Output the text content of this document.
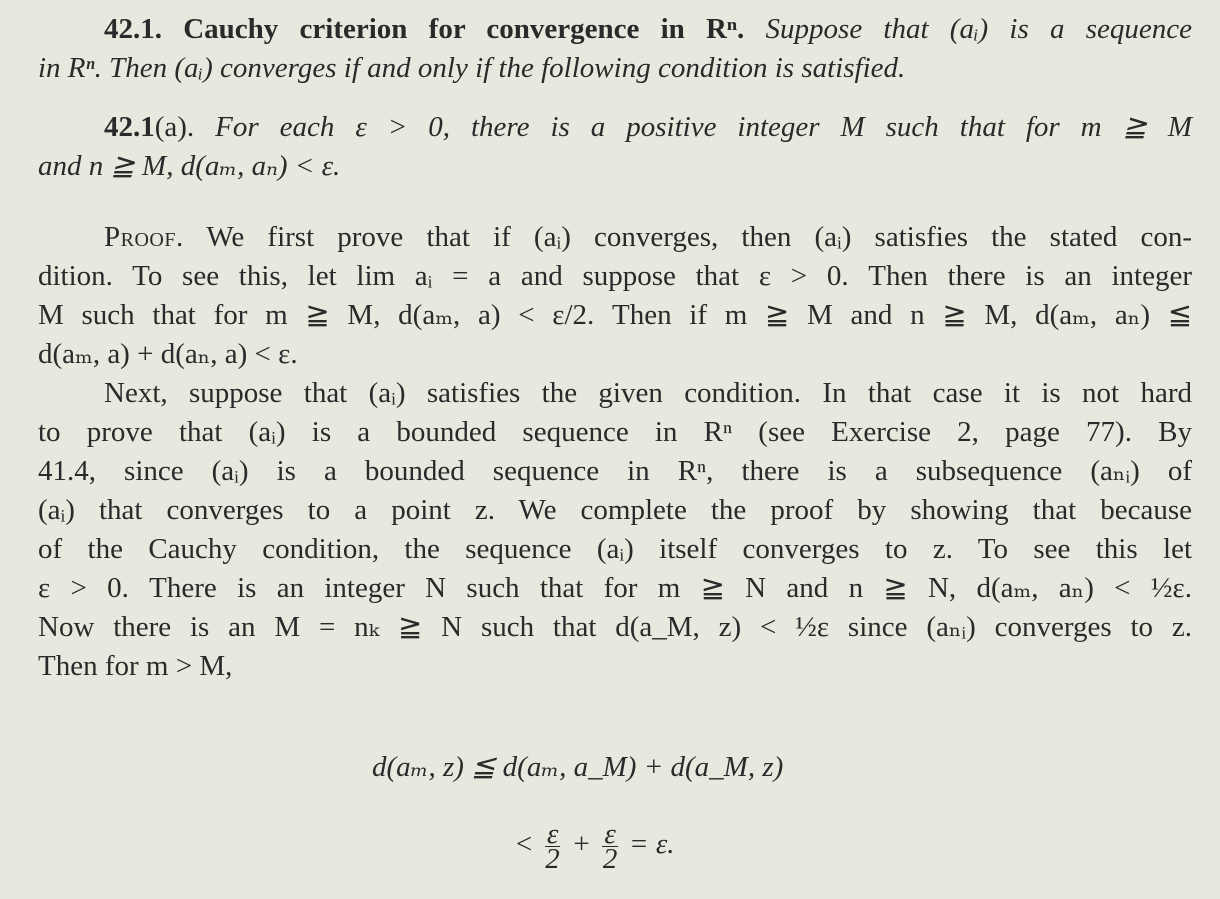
42.1. Cauchy criterion for convergence in Rⁿ. Suppose that (aᵢ) is a sequence
in Rⁿ. Then (aᵢ) converges if and only if the following condition is satisfied.
42.1(a). For each ε > 0, there is a positive integer M such that for m ≧ M
and n ≧ M, d(aₘ, aₙ) < ε.
Proof. We first prove that if (aᵢ) converges, then (aᵢ) satisfies the stated con-
dition. To see this, let lim aᵢ = a and suppose that ε > 0. Then there is an integer
M such that for m ≧ M, d(aₘ, a) < ε/2. Then if m ≧ M and n ≧ M, d(aₘ, aₙ) ≦
d(aₘ, a) + d(aₙ, a) < ε.
Next, suppose that (aᵢ) satisfies the given condition. In that case it is not hard
to prove that (aᵢ) is a bounded sequence in Rⁿ (see Exercise 2, page 77). By
41.4, since (aᵢ) is a bounded sequence in Rⁿ, there is a subsequence (aₙᵢ) of
(aᵢ) that converges to a point z. We complete the proof by showing that because
of the Cauchy condition, the sequence (aᵢ) itself converges to z. To see this let
ε > 0. There is an integer N such that for m ≧ N and n ≧ N, d(aₘ, aₙ) < ½ε.
Now there is an M = nₖ ≧ N such that d(a_M, z) < ½ε since (aₙᵢ) converges to z.
Then for m > M,
d(aₘ, z) ≦ d(aₘ, a_M) + d(a_M, z)
< $\frac{\varepsilon}{2} + \frac{\varepsilon}{2} = \varepsilon$.
